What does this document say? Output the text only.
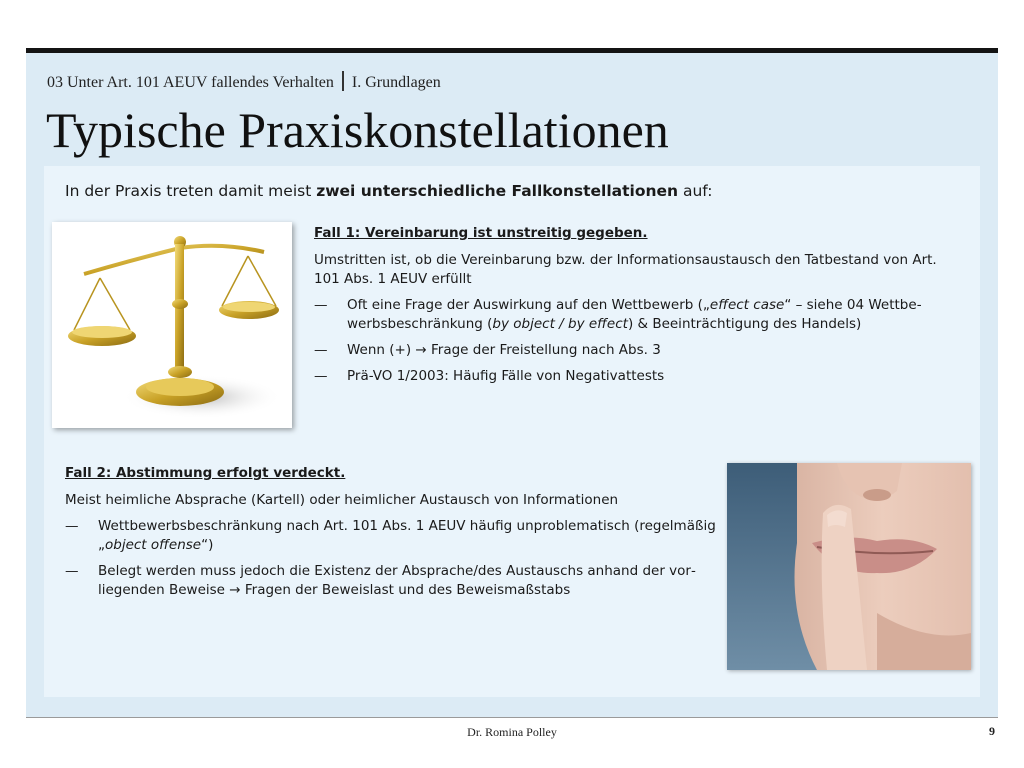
03 Unter Art. 101 AEUV fallendes Verhalten I. Grundlagen
Typische Praxiskonstellationen
In der Praxis treten damit meist zwei unterschiedliche Fallkonstellationen auf:
Fall 1: Vereinbarung ist unstreitig gegeben.
Umstritten ist, ob die Vereinbarung bzw. der Informationsaustausch den Tatbestand von Art. 101 Abs. 1 AEUV erfüllt
— Oft eine Frage der Auswirkung auf den Wettbewerb („effect case“ – siehe 04 Wettbewerbsbeschränkung (by object / by effect) & Beeinträchtigung des Handels)
— Wenn (+) → Frage der Freistellung nach Abs. 3
— Prä-VO 1/2003: Häufig Fälle von Negativattests
Fall 2: Abstimmung erfolgt verdeckt.
Meist heimliche Absprache (Kartell) oder heimlicher Austausch von Informationen
— Wettbewerbsbeschränkung nach Art. 101 Abs. 1 AEUV häufig unproblematisch (regelmäßig „object offense“)
— Belegt werden muss jedoch die Existenz der Absprache/des Austauschs anhand der vorliegenden Beweise → Fragen der Beweislast und des Beweismaßstabs
Dr. Romina Polley	9
